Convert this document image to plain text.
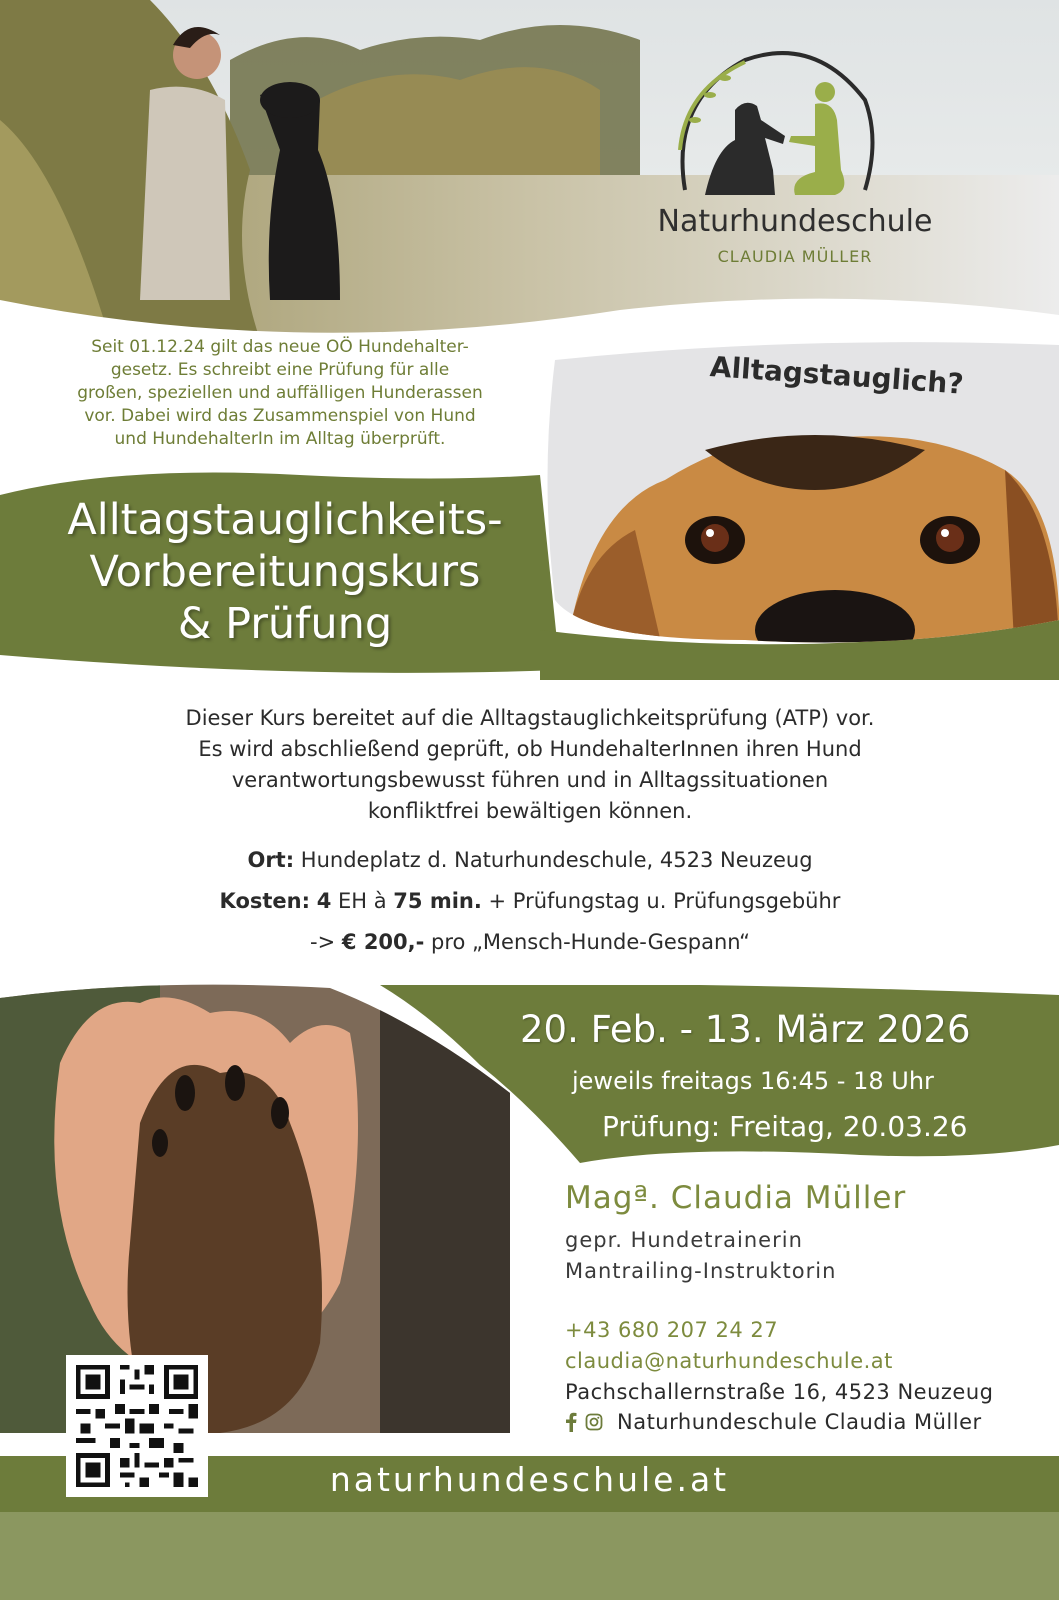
Naturhundeschule
CLAUDIA MÜLLER
Seit 01.12.24 gilt das neue OÖ Hundehalter-
gesetz. Es schreibt eine Prüfung für alle
großen, speziellen und auffälligen Hunderassen
vor. Dabei wird das Zusammenspiel von Hund
und HundehalterIn im Alltag überprüft.
Alltagstauglich?
Alltagstauglichkeits-
Vorbereitungskurs
& Prüfung
Dieser Kurs bereitet auf die Alltagstauglichkeitsprüfung (ATP) vor.
Es wird abschließend geprüft, ob HundehalterInnen ihren Hund
verantwortungsbewusst führen und in Alltagssituationen
konfliktfrei bewältigen können.
Ort: Hundeplatz d. Naturhundeschule, 4523 Neuzeug
Kosten: 4 EH à 75 min. + Prüfungstag u. Prüfungsgebühr
-> € 200,- pro „Mensch-Hunde-Gespann“
20. Feb. - 13. März 2026
jeweils freitags 16:45 - 18 Uhr
Prüfung: Freitag, 20.03.26
Magª. Claudia Müller
gepr. Hundetrainerin
Mantrailing-Instruktorin
+43 680 207 24 27
claudia@naturhundeschule.at
Pachschallernstraße 16, 4523 Neuzeug
Naturhundeschule Claudia Müller
naturhundeschule.at
